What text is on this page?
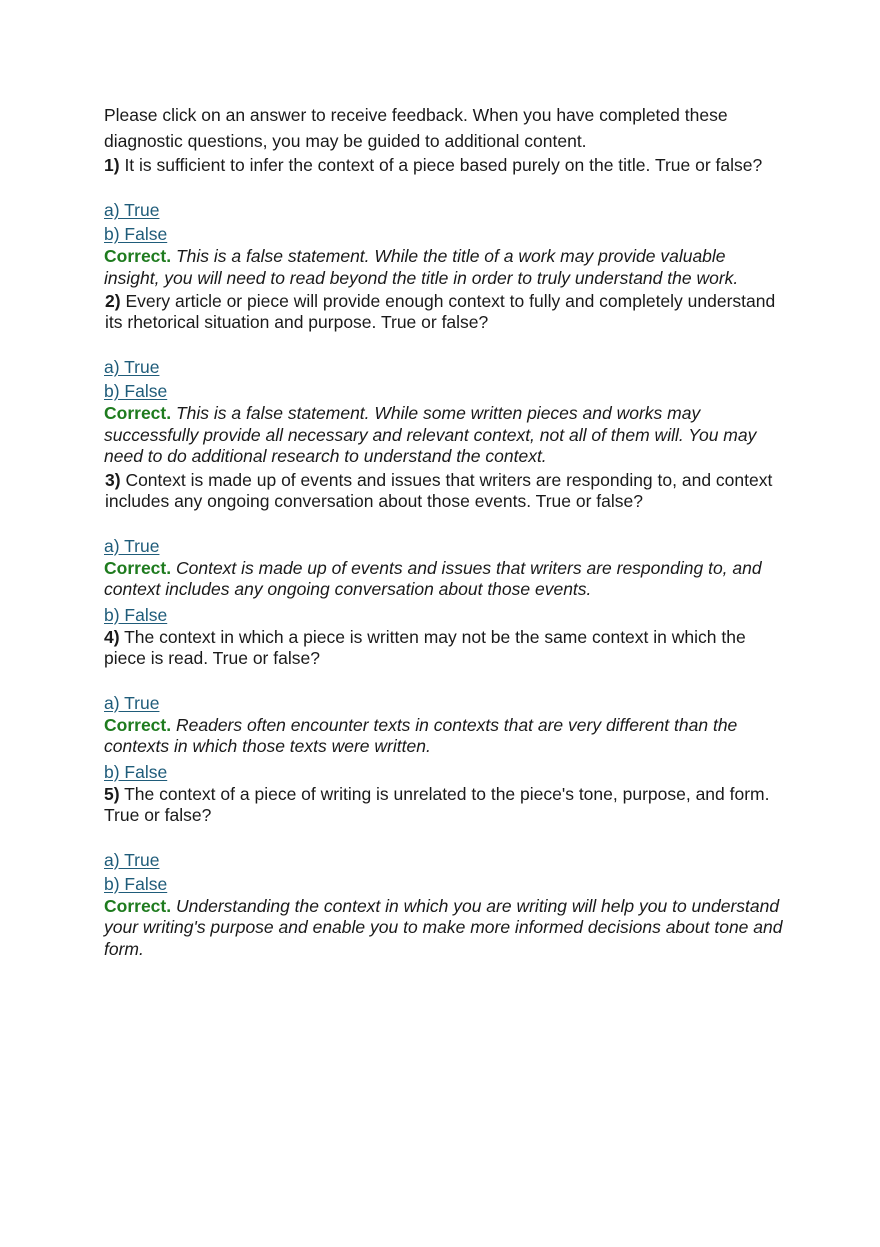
Please click on an answer to receive feedback. When you have completed these diagnostic questions, you may be guided to additional content.

1) It is sufficient to infer the context of a piece based purely on the title. True or false?

a) True
b) False

Correct. This is a false statement. While the title of a work may provide valuable insight, you will need to read beyond the title in order to truly understand the work.

2) Every article or piece will provide enough context to fully and completely understand its rhetorical situation and purpose. True or false?

a) True
b) False

Correct. This is a false statement. While some written pieces and works may successfully provide all necessary and relevant context, not all of them will. You may need to do additional research to understand the context.

3) Context is made up of events and issues that writers are responding to, and context includes any ongoing conversation about those events. True or false?

a) True

Correct. Context is made up of events and issues that writers are responding to, and context includes any ongoing conversation about those events.

b) False

4) The context in which a piece is written may not be the same context in which the piece is read. True or false?

a) True

Correct. Readers often encounter texts in contexts that are very different than the contexts in which those texts were written.

b) False

5) The context of a piece of writing is unrelated to the piece's tone, purpose, and form. True or false?

a) True
b) False

Correct. Understanding the context in which you are writing will help you to understand your writing's purpose and enable you to make more informed decisions about tone and form.
